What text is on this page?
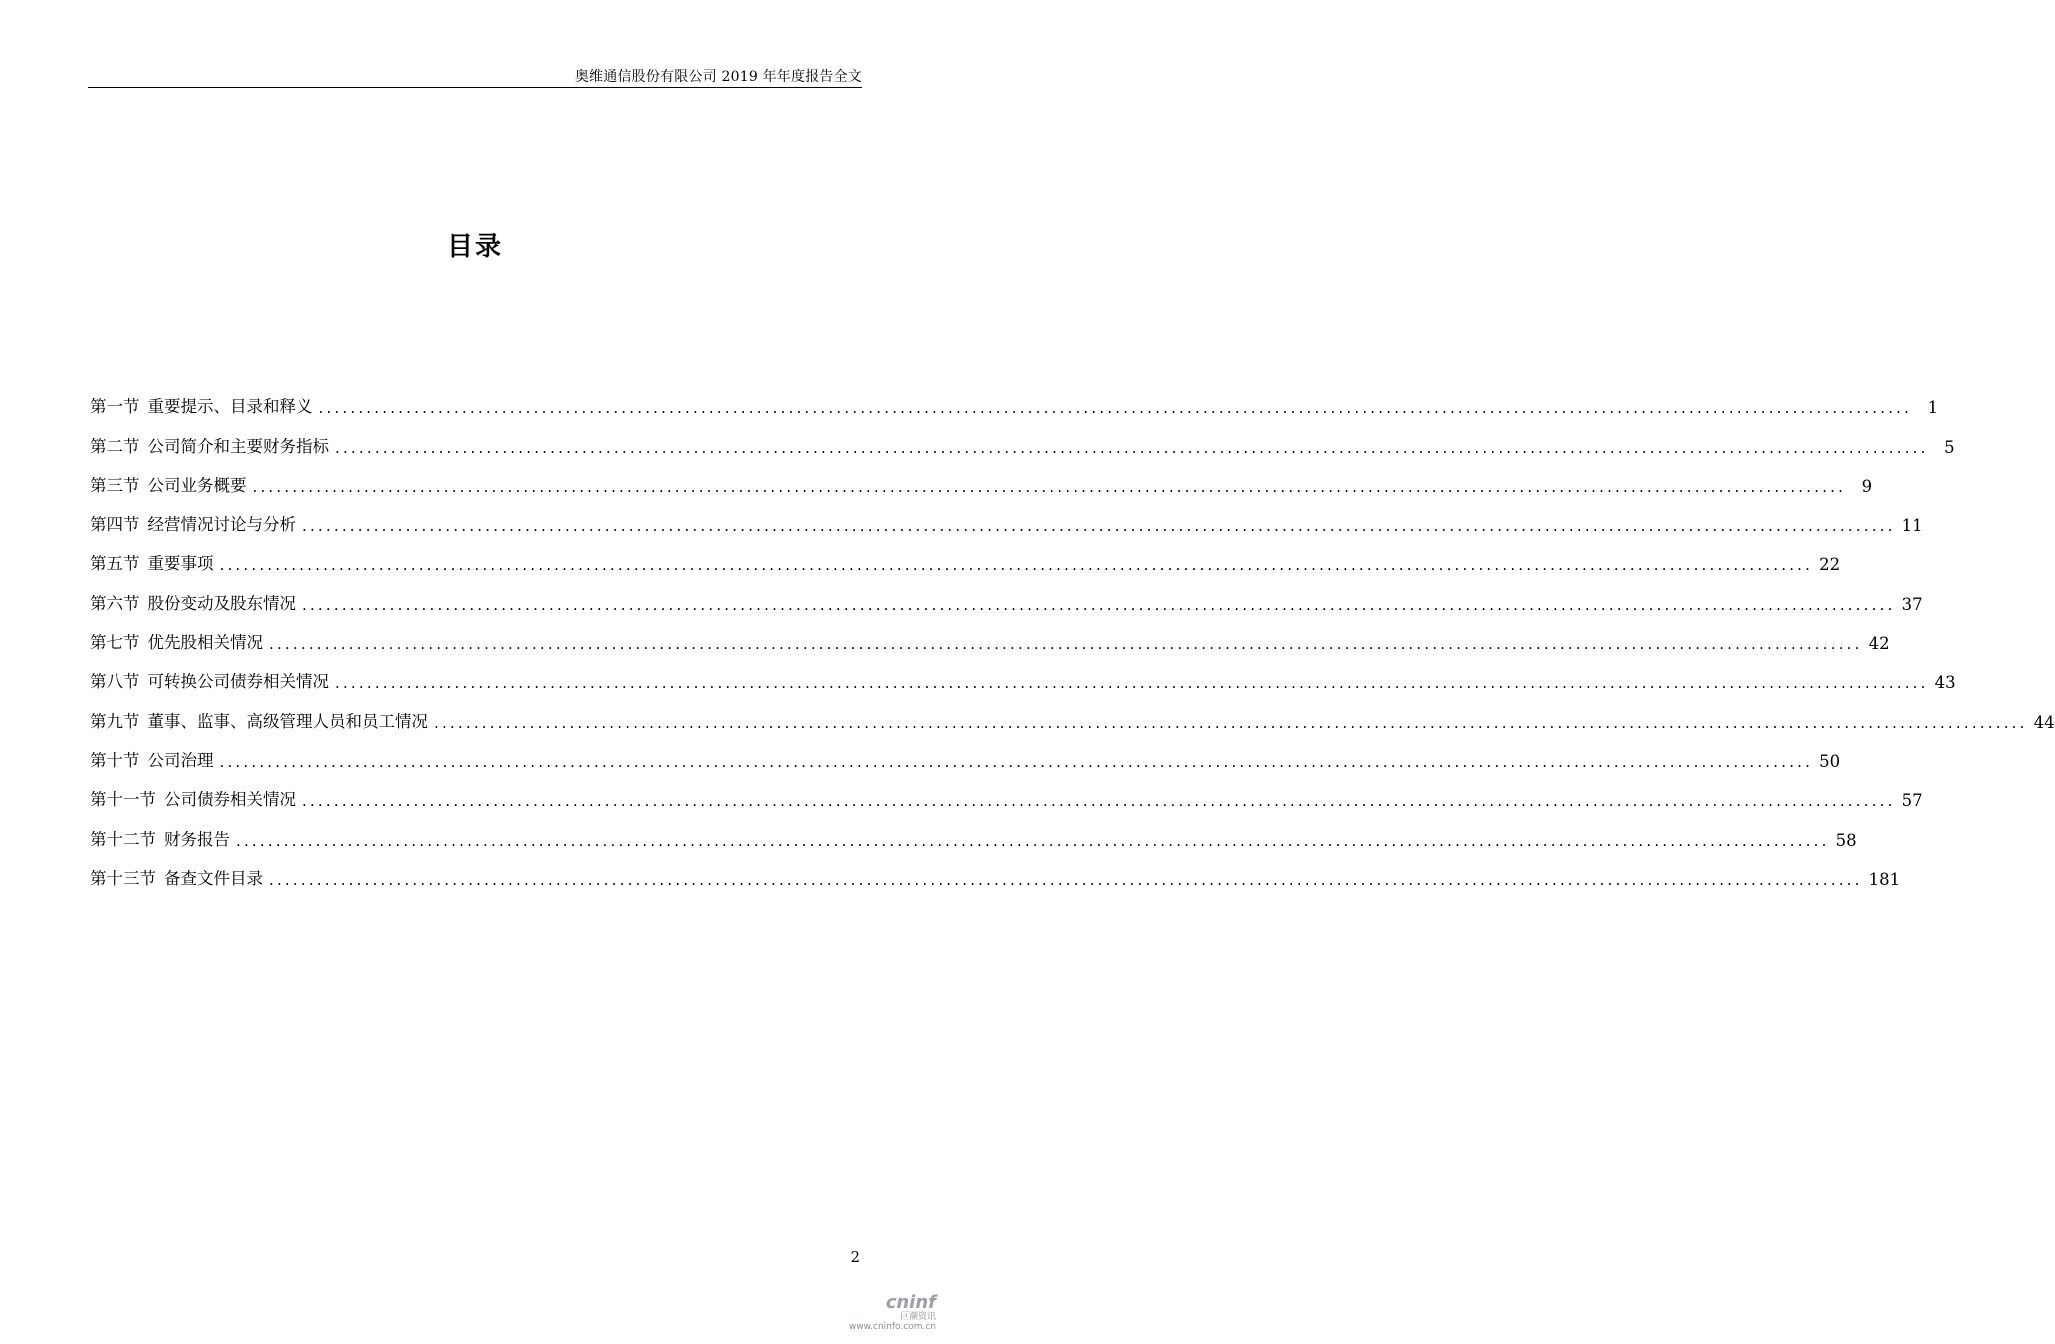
奥维通信股份有限公司 2019 年年度报告全文
目录
第一节 重要提示、目录和释义 ........................................................................................................................................................................................................ 1
第二节 公司简介和主要财务指标 ........................................................................................................................................................................................................ 5
第三节 公司业务概要 ........................................................................................................................................................................................................ 9
第四节 经营情况讨论与分析 ........................................................................................................................................................................................................ 11
第五节 重要事项 ........................................................................................................................................................................................................ 22
第六节 股份变动及股东情况 ........................................................................................................................................................................................................ 37
第七节 优先股相关情况 ........................................................................................................................................................................................................ 42
第八节 可转换公司债券相关情况 ........................................................................................................................................................................................................ 43
第九节 董事、监事、高级管理人员和员工情况 ........................................................................................................................................................................................................ 44
第十节 公司治理 ........................................................................................................................................................................................................ 50
第十一节 公司债券相关情况 ........................................................................................................................................................................................................ 57
第十二节 财务报告 ........................................................................................................................................................................................................ 58
第十三节 备查文件目录 ........................................................................................................................................................................................................ 181
2
cninf
巨潮资讯
www.cninfo.com.cn
